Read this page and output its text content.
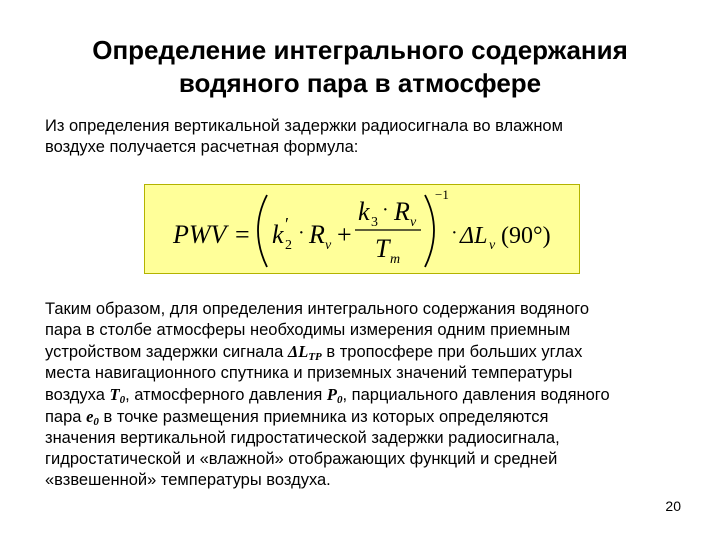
Определение интегрального содержания
водяного пара в атмосфере
Из определения вертикальной задержки радиосигнала во влажном
воздухе получается расчетная формула:
PWV = k ′
2
· R v +
k 3
· R v
T m
−1
· ΔL v (90°)
Таким образом, для определения интегрального содержания водяного
пара в столбе атмосферы необходимы измерения одним приемным
устройством задержки сигнала $\Delta L_{TP}$ в тропосфере при больших углах
места навигационного спутника и приземных значений температуры
воздуха $T_0$, атмосферного давления $P_0$, парциального давления водяного
пара $e_0$ в точке размещения приемника из которых определяются
значения вертикальной гидростатической задержки радиосигнала,
гидростатической и «влажной» отображающих функций и средней
«взвешенной» температуры воздуха.
20
